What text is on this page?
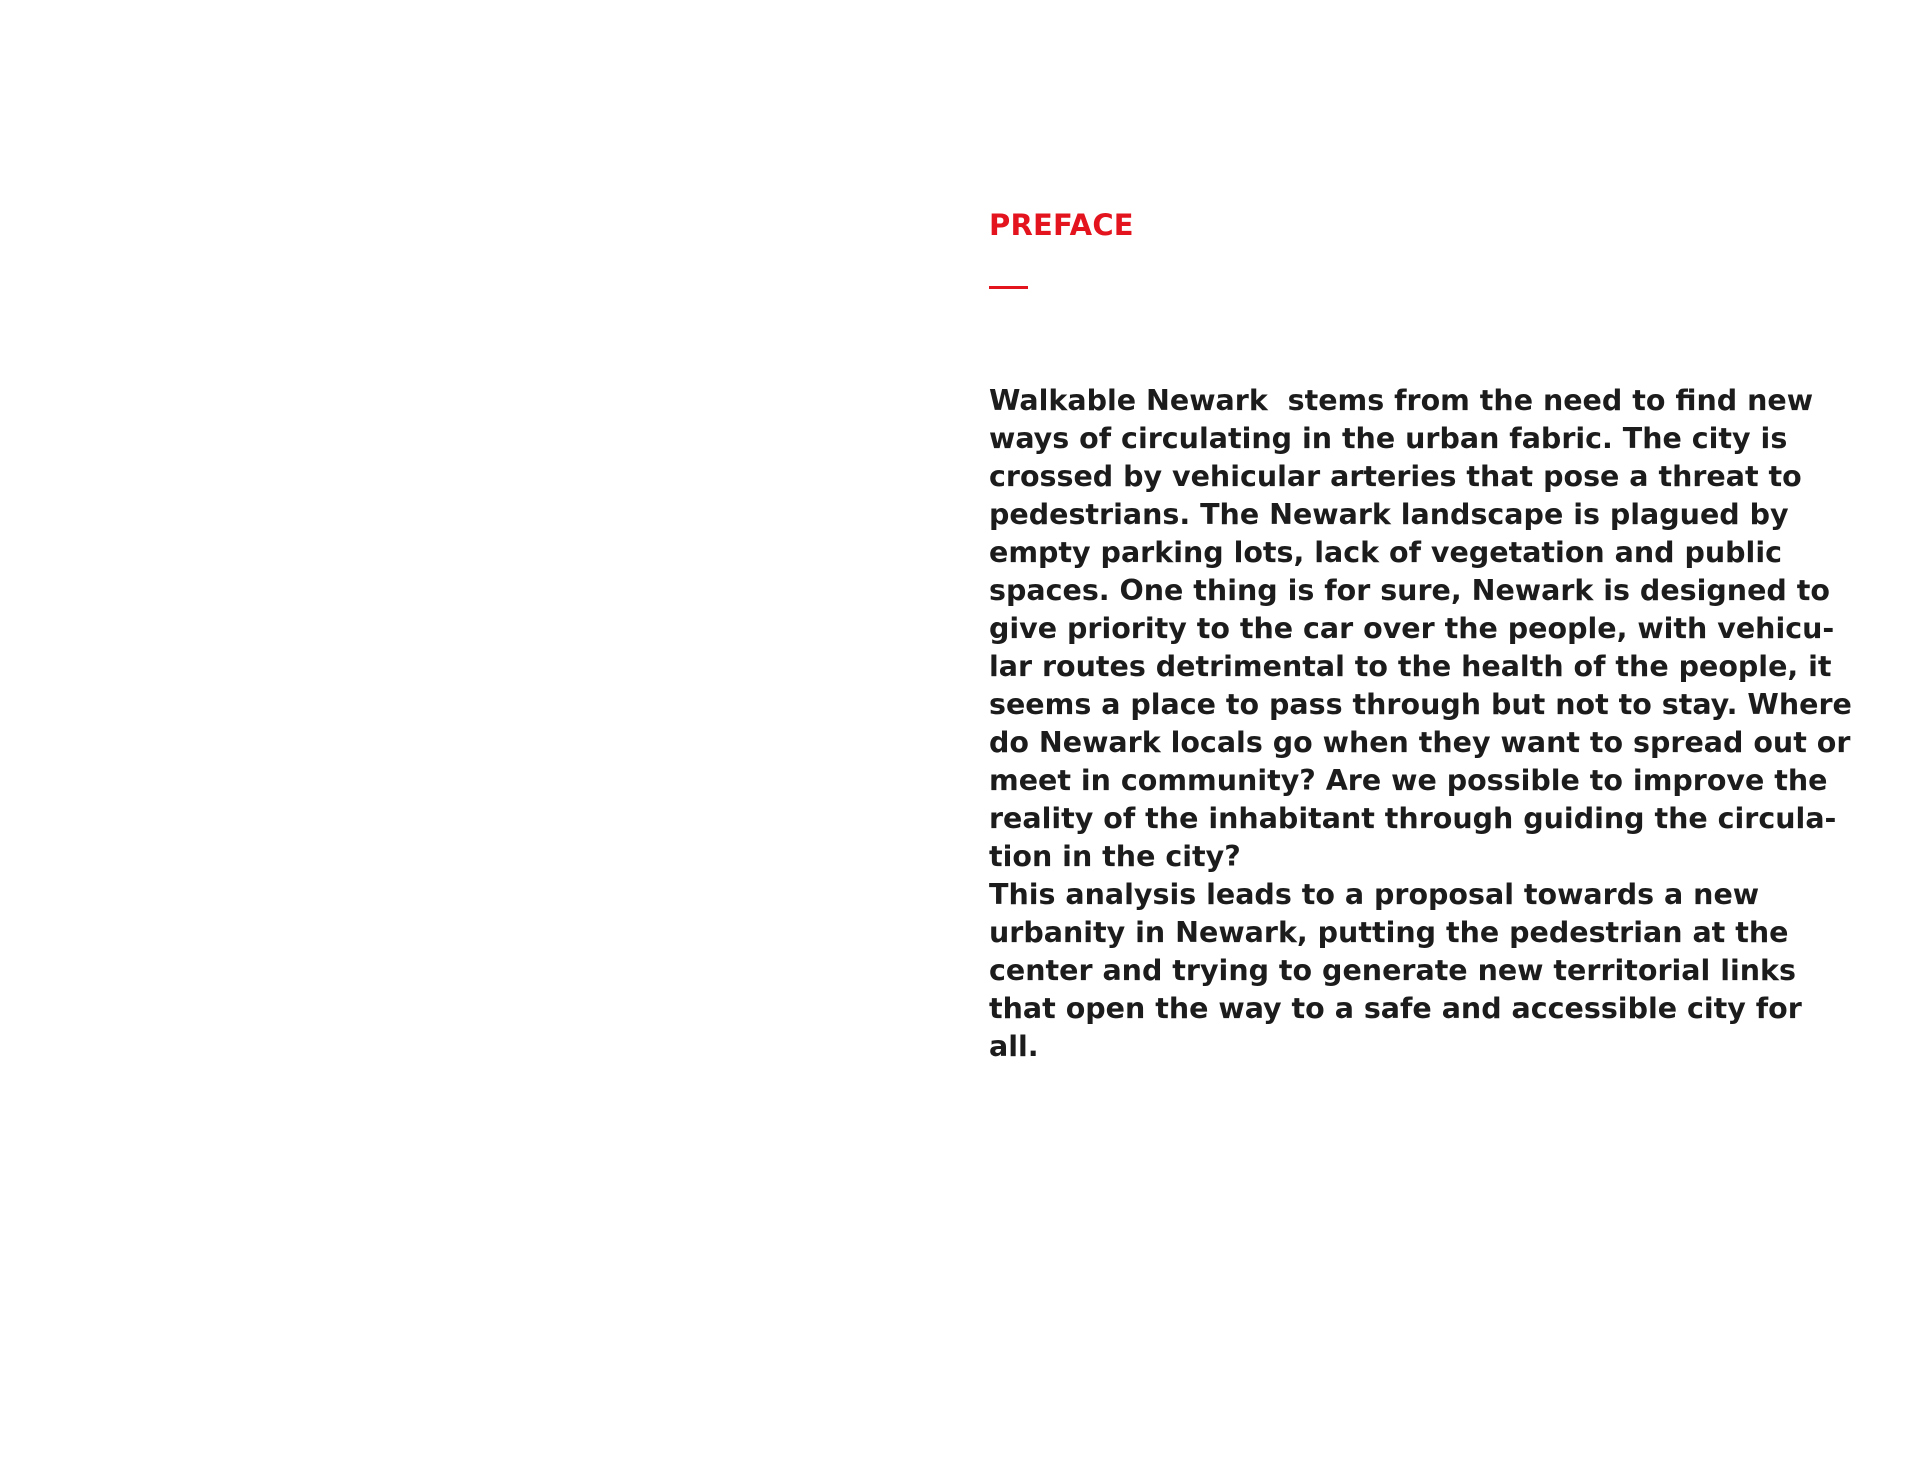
PREFACE
Walkable Newark  stems from the need to find new
ways of circulating in the urban fabric. The city is
crossed by vehicular arteries that pose a threat to
pedestrians. The Newark landscape is plagued by
empty parking lots, lack of vegetation and public
spaces. One thing is for sure, Newark is designed to
give priority to the car over the people, with vehicu-
lar routes detrimental to the health of the people, it
seems a place to pass through but not to stay. Where
do Newark locals go when they want to spread out or
meet in community? Are we possible to improve the
reality of the inhabitant through guiding the circula-
tion in the city?
This analysis leads to a proposal towards a new
urbanity in Newark, putting the pedestrian at the
center and trying to generate new territorial links
that open the way to a safe and accessible city for
all.
